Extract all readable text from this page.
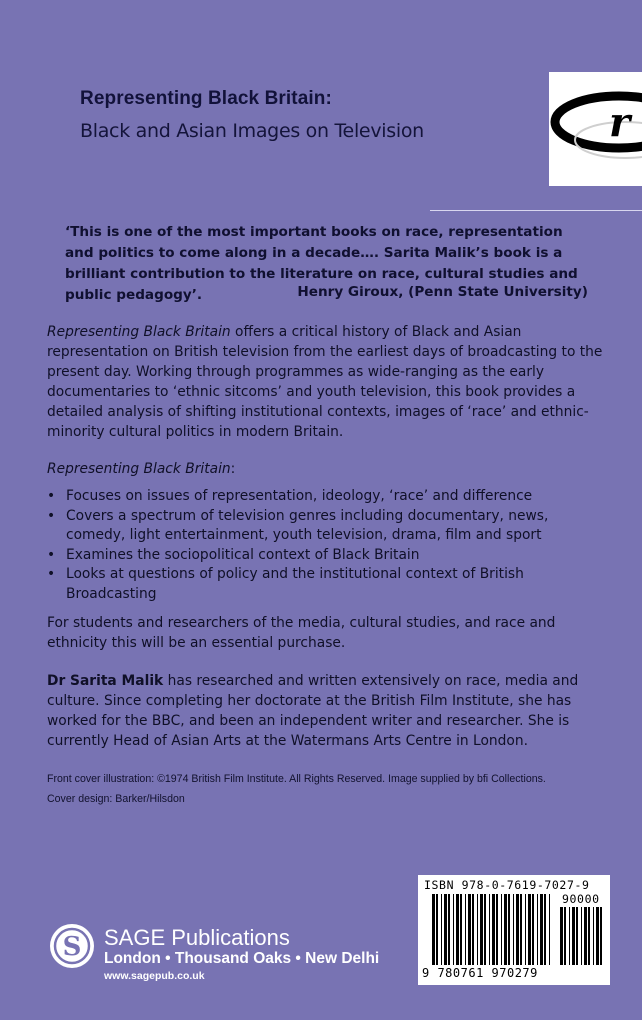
Representing Black Britain:
Black and Asian Images on Television	r
‘This is one of the most important books on race, representation and politics to come along in a decade…. Sarita Malik’s book is a brilliant contribution to the literature on race, cultural studies and public pedagogy’.	Henry Giroux, (Penn State University)
Representing Black Britain offers a critical history of Black and Asian representation on British television from the earliest days of broadcasting to the present day. Working through programmes as wide-ranging as the early documentaries to ‘ethnic sitcoms’ and youth television, this book provides a detailed analysis of shifting institutional contexts, images of ‘race’ and ethnic-minority cultural politics in modern Britain.
Representing Black Britain:
• Focuses on issues of representation, ideology, ‘race’ and difference
• Covers a spectrum of television genres including documentary, news, comedy, light entertainment, youth television, drama, film and sport
• Examines the sociopolitical context of Black Britain
• Looks at questions of policy and the institutional context of British Broadcasting
For students and researchers of the media, cultural studies, and race and ethnicity this will be an essential purchase.
Dr Sarita Malik has researched and written extensively on race, media and culture. Since completing her doctorate at the British Film Institute, she has worked for the BBC, and been an independent writer and researcher. She is currently Head of Asian Arts at the Watermans Arts Centre in London.
Front cover illustration: ©1974 British Film Institute. All Rights Reserved. Image supplied by bfi Collections.
Cover design: Barker/Hilsdon
S SAGE Publications
London • Thousand Oaks • New Delhi
www.sagepub.co.uk
ISBN 978-0-7619-7027-9
90000
9 780761 970279
